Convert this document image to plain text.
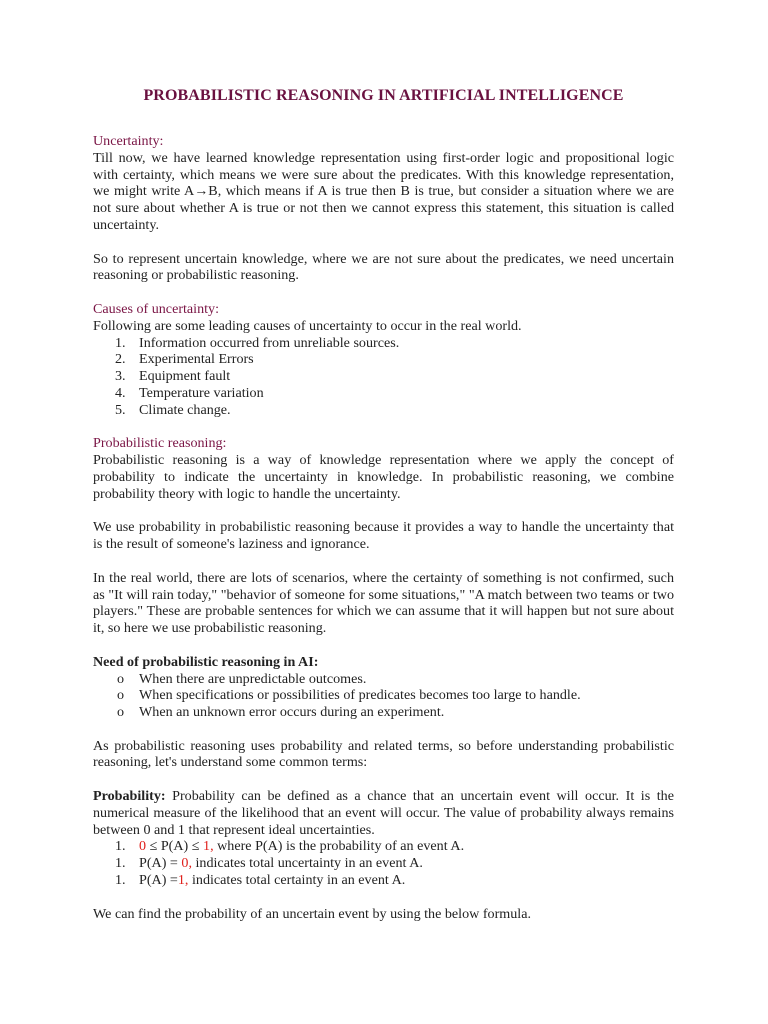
PROBABILISTIC REASONING IN ARTIFICIAL INTELLIGENCE

Uncertainty:

Till now, we have learned knowledge representation using first-order logic and propositional logic with certainty, which means we were sure about the predicates. With this knowledge representation, we might write A→B, which means if A is true then B is true, but consider a situation where we are not sure about whether A is true or not then we cannot express this statement, this situation is called uncertainty.

So to represent uncertain knowledge, where we are not sure about the predicates, we need uncertain reasoning or probabilistic reasoning.

Causes of uncertainty:

Following are some leading causes of uncertainty to occur in the real world.

1. Information occurred from unreliable sources.
2. Experimental Errors
3. Equipment fault
4. Temperature variation
5. Climate change.

Probabilistic reasoning:

Probabilistic reasoning is a way of knowledge representation where we apply the concept of probability to indicate the uncertainty in knowledge. In probabilistic reasoning, we combine probability theory with logic to handle the uncertainty.

We use probability in probabilistic reasoning because it provides a way to handle the uncertainty that is the result of someone's laziness and ignorance.

In the real world, there are lots of scenarios, where the certainty of something is not confirmed, such as "It will rain today," "behavior of someone for some situations," "A match between two teams or two players." These are probable sentences for which we can assume that it will happen but not sure about it, so here we use probabilistic reasoning.

Need of probabilistic reasoning in AI:

o	When there are unpredictable outcomes.
o	When specifications or possibilities of predicates becomes too large to handle.
o	When an unknown error occurs during an experiment.

As probabilistic reasoning uses probability and related terms, so before understanding probabilistic reasoning, let's understand some common terms:

Probability: Probability can be defined as a chance that an uncertain event will occur. It is the numerical measure of the likelihood that an event will occur. The value of probability always remains between 0 and 1 that represent ideal uncertainties.

1. 0 ≤ P(A) ≤ 1, where P(A) is the probability of an event A.
1. P(A) = 0, indicates total uncertainty in an event A.
1. P(A) =1, indicates total certainty in an event A.

We can find the probability of an uncertain event by using the below formula.
